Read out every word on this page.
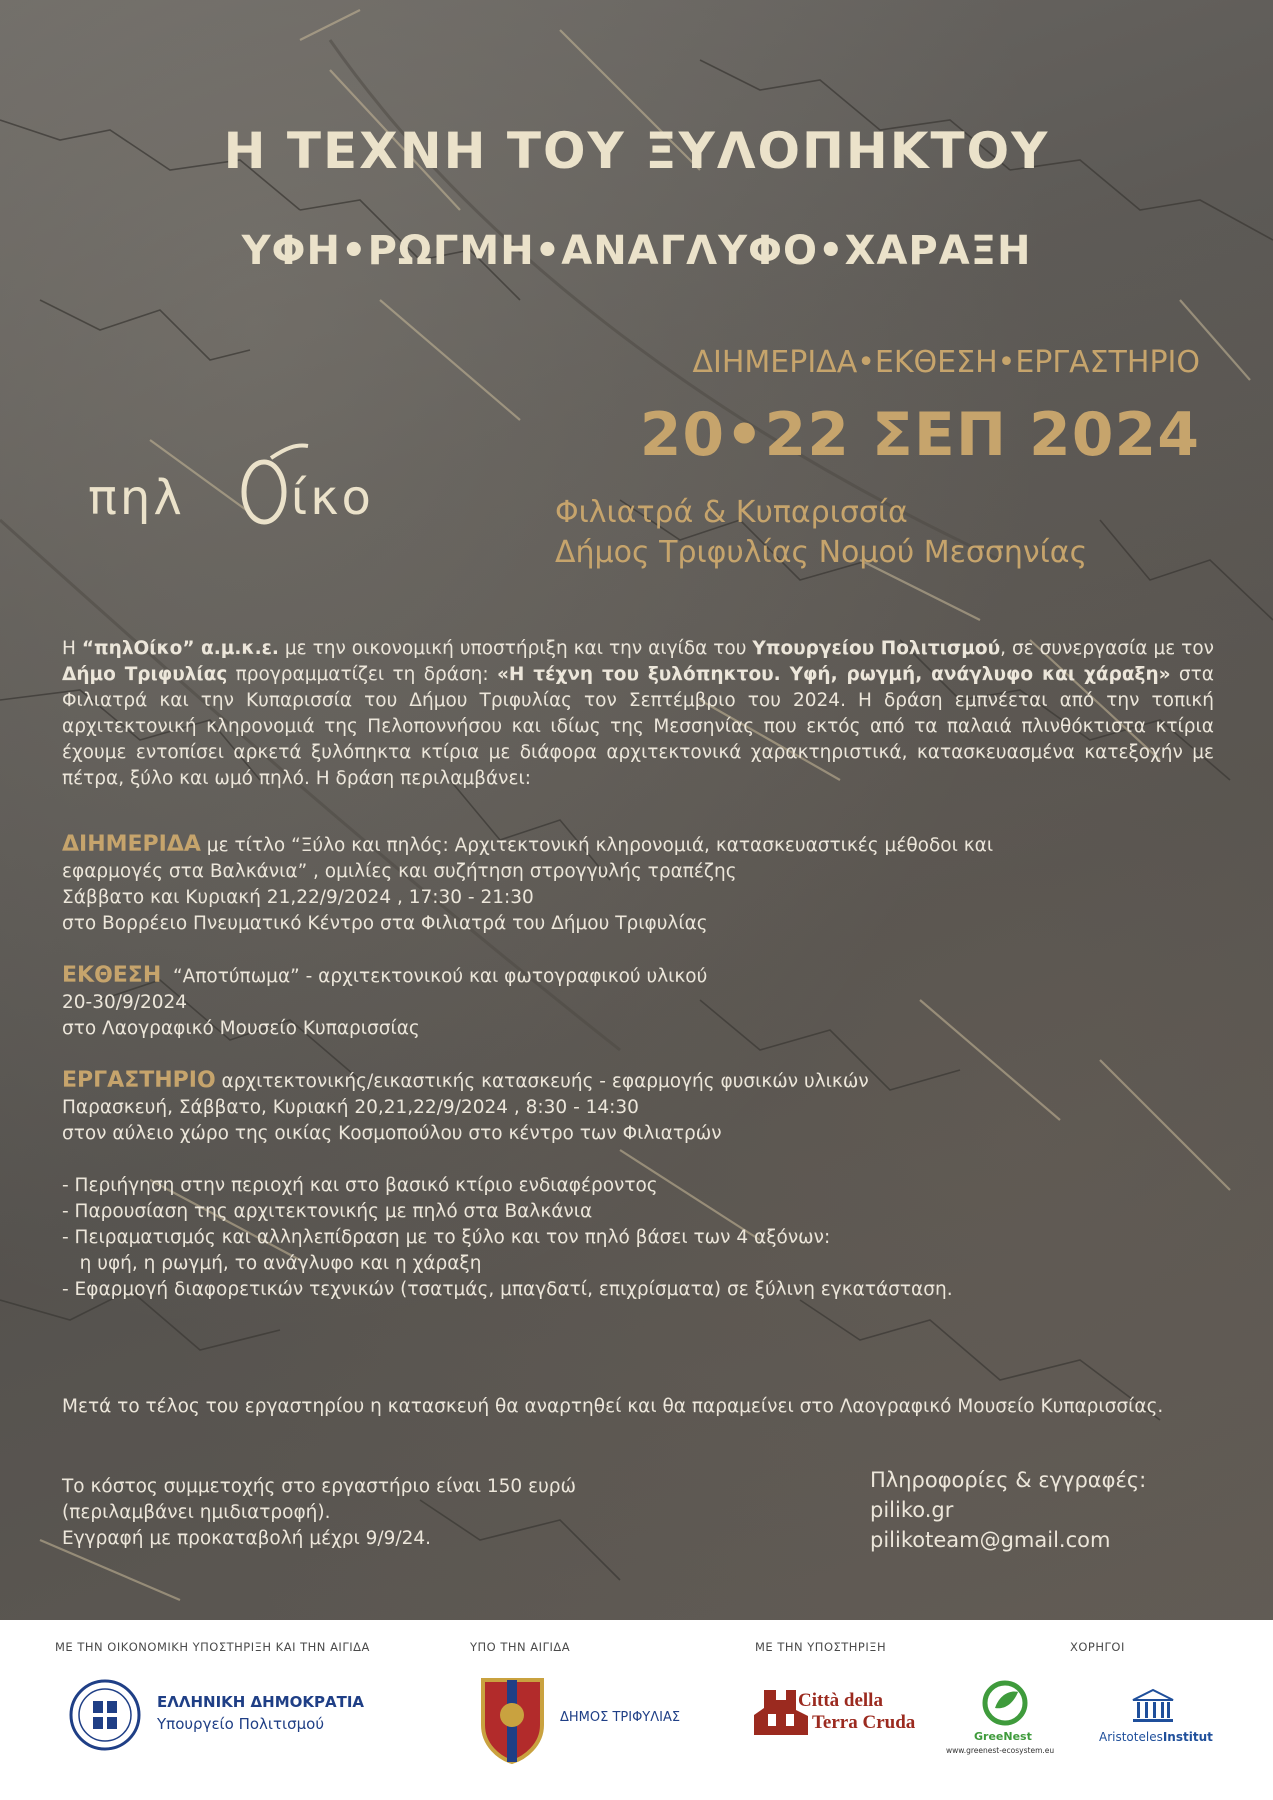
Η ΤΕΧΝΗ ΤΟΥ ΞΥΛΟΠΗΚΤΟΥ
ΥΦΗ•ΡΩΓΜΗ•ΑΝΑΓΛΥΦΟ•ΧΑΡΑΞΗ
πηλ ίκο
ΔΙΗΜΕΡΙΔΑ•ΕΚΘΕΣΗ•ΕΡΓΑΣΤΗΡΙΟ
20•22 ΣΕΠ 2024
Φιλιατρά & Κυπαρισσία
Δήμος Τριφυλίας Νομού Μεσσηνίας

Η “πηλΟίκο” α.μ.κ.ε. με την οικονομική υποστήριξη και την αιγίδα του Υπουργείου Πολιτισμού, σε συνεργασία με τον Δήμο Τριφυλίας προγραμματίζει τη δράση: «Η τέχνη του ξυλόπηκτου. Υφή, ρωγμή, ανάγλυφο και χάραξη» στα Φιλιατρά και την Κυπαρισσία του Δήμου Τριφυλίας τον Σεπτέμβριο του 2024. Η δράση εμπνέεται από την τοπική αρχιτεκτονική κληρονομιά της Πελοποννήσου και ιδίως της Μεσσηνίας που εκτός από τα παλαιά πλινθόκτιστα κτίρια έχουμε εντοπίσει αρκετά ξυλόπηκτα κτίρια με διάφορα αρχιτεκτονικά χαρακτηριστικά, κατασκευασμένα κατεξοχήν με πέτρα, ξύλο και ωμό πηλό. Η δράση περιλαμβάνει:

ΔΙΗΜΕΡΙΔΑ με τίτλο “Ξύλο και πηλός: Αρχιτεκτονική κληρονομιά, κατασκευαστικές μέθοδοι και
εφαρμογές στα Βαλκάνια” , ομιλίες και συζήτηση στρογγυλής τραπέζης
Σάββατο και Κυριακή 21,22/9/2024 , 17:30 - 21:30
στο Βορρέειο Πνευματικό Κέντρο στα Φιλιατρά του Δήμου Τριφυλίας
ΕΚΘΕΣΗ  “Αποτύπωμα” - αρχιτεκτονικού και φωτογραφικού υλικού
20-30/9/2024
στο Λαογραφικό Μουσείο Κυπαρισσίας
ΕΡΓΑΣΤΗΡΙΟ αρχιτεκτονικής/εικαστικής κατασκευής - εφαρμογής φυσικών υλικών
Παρασκευή, Σάββατο, Κυριακή 20,21,22/9/2024 , 8:30 - 14:30
στον αύλειο χώρο της οικίας Κοσμοπούλου στο κέντρο των Φιλιατρών
- Περιήγηση στην περιοχή και στο βασικό κτίριο ενδιαφέροντος
- Παρουσίαση της αρχιτεκτονικής με πηλό στα Βαλκάνια
- Πειραματισμός και αλληλεπίδραση με το ξύλο και τον πηλό βάσει των 4 αξόνων:
η υφή, η ρωγμή, το ανάγλυφο και η χάραξη
- Εφαρμογή διαφορετικών τεχνικών (τσατμάς, μπαγδατί, επιχρίσματα) σε ξύλινη εγκατάσταση.
Μετά το τέλος του εργαστηρίου η κατασκευή θα αναρτηθεί και θα παραμείνει στο Λαογραφικό Μουσείο Κυπαρισσίας.
Το κόστος συμμετοχής στο εργαστήριο είναι 150 ευρώ
(περιλαμβάνει ημιδιατροφή).
Εγγραφή με προκαταβολή μέχρι 9/9/24.
Πληροφορίες & εγγραφές:
piliko.gr
pilikoteam@gmail.com
ΜΕ ΤΗΝ ΟΙΚΟΝΟΜΙΚΗ ΥΠΟΣΤΗΡΙΞΗ ΚΑΙ ΤΗΝ ΑΙΓΙΔΑ	ΥΠΟ ΤΗΝ ΑΙΓΙΔΑ	ΜΕ ΤΗΝ ΥΠΟΣΤΗΡΙΞΗ	ΧΟΡΗΓΟΙ
ΕΛΛΗΝΙΚΗ ΔΗΜΟΚΡΑΤΙΑ
Υπουργείο Πολιτισμού	ΔΗΜΟΣ ΤΡΙΦΥΛΙΑΣ
Città della
Terra Cruda
GreeNest
www.greenest-ecosystem.eu
AristotelesInstitut
